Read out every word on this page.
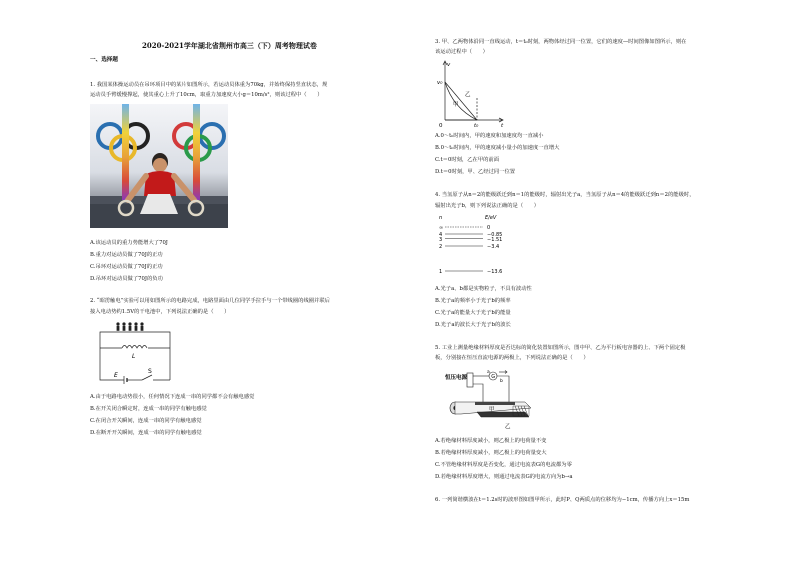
2020-2021学年湖北省荆州市高三（下）周考物理试卷
一、选择题
1. 我国某体操运动员在吊环项目中的某片如图所示，若运动员体重为70kg，并始终保持竖直状态，规
运动员手臂缓慢撑起，使其重心上升了10cm，取重力加速度大小g＝10m/s²，则该过程中（　　）
A.该运动员的重力势能增大了70J
B.重力对运动员做了70J的正功
C.吊环对运动员做了70J的正功
D.吊环对运动员做了70J的负功
2. “昭雳触电”实验可以用如图所示的电路完成，电路里面由几位同学手拉手与一个带线圈的线圈并联后
接入电动势约1.5V的干电池中，下列说法正确的是（　　）
L
E
S
A.由于电路电动势很小，任何情况下连成一串的同学都不会有触电感觉
B.在开关闭合瞬定时，连成一串的同学有触电感觉
C.在闭合开关瞬间，连成一串的同学有触电感觉
D.在断开开关瞬间，连成一串的同学有触电感觉
3. 甲、乙两物体沿同一直线运动，t＝t₀时刻，两物体经过同一位置，它们的速度—时间图像如图所示，则在
该运动过程中（　　）
v
v₀
t
0	t₀
甲
乙
A.0～t₀时间内，甲的速度和加速度均一直减小
B.0～t₀时间内，甲的速度减小量小的加速度一直增大
C.t＝0时刻，乙在甲的前面
D.t＝0时刻，甲、乙经过同一位置
4. 当氢原子从n＝2的能级跃迁到n＝1的能级时，辐射出光子a，当氢原子从n＝4的能级跃迁到n＝2的能级时，
辐射出光子b，则下列说法正确的是（　　）
n	E/eV
∞	0
4	−0.85
3	−1.51
2	−3.4
1	−13.6
A.光子a、b都是实物粒子，不具有波动性
B.光子a的频率小于光子b的频率
C.光子a的能量大于光子b的能量
D.光子a的波长大于光子b的波长
5. 工业上测量绝缘材料厚度是否达标的简化装置如图所示，图中甲、乙为平行板电容器的上、下两个固定极
板，分别接在恒压直流电源的两极上，下列说法正确的是（　　）
恒压电源	G
a
b
甲
乙
A.若绝缘材料厚度减小，则乙极上的电荷量不变
B.若绝缘材料厚度减小，则乙极上的电荷量变大
C.不管绝缘材料厚度是否变化，通过电流表G的电流都为零
D.若绝缘材料厚度增大，则通过电流表G的电流方向为b→a
6. 一列简谐横波在t＝1.2s时的波形图如图甲所示，此时P、Q两质点的位移均为−1cm，传播方向上x＝15m
